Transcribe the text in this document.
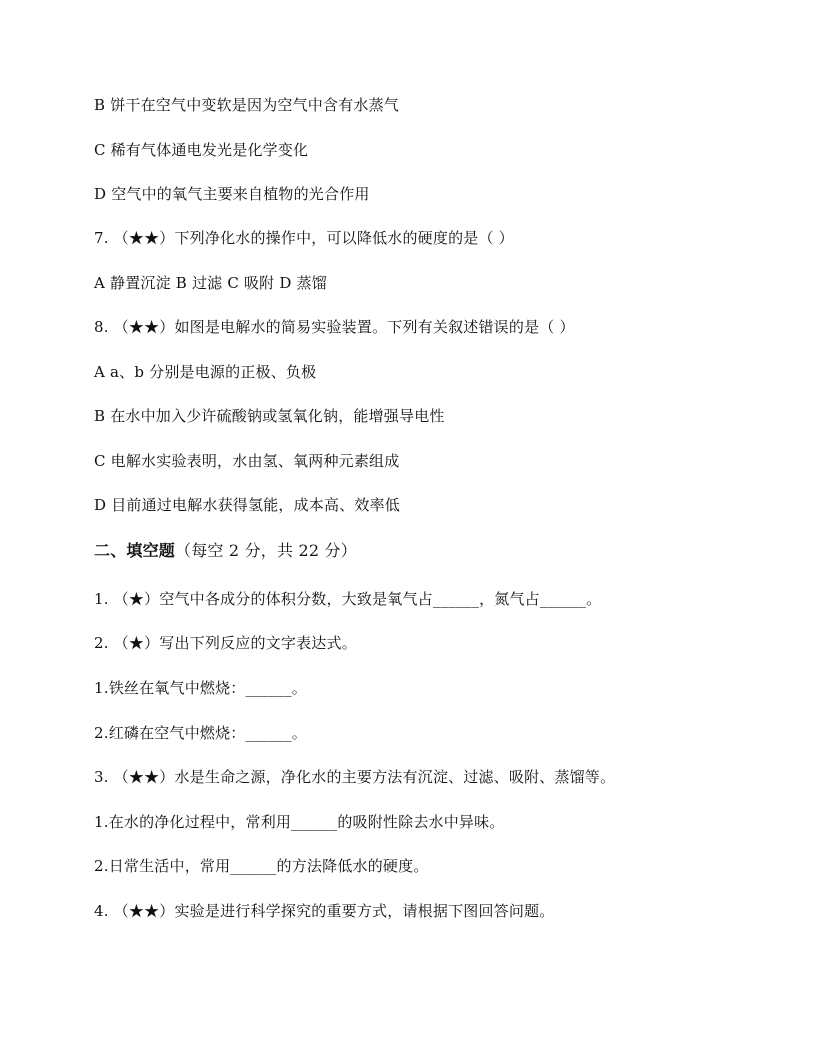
B 饼干在空气中变软是因为空气中含有水蒸气
C 稀有气体通电发光是化学变化
D 空气中的氧气主要来自植物的光合作用
7. （★★）下列净化水的操作中，可以降低水的硬度的是（ ）
A 静置沉淀 B 过滤 C 吸附 D 蒸馏
8. （★★）如图是电解水的简易实验装置。下列有关叙述错误的是（ ）
A a、b 分别是电源的正极、负极
B 在水中加入少许硫酸钠或氢氧化钠，能增强导电性
C 电解水实验表明，水由氢、氧两种元素组成
D 目前通过电解水获得氢能，成本高、效率低
二、填空题（每空 2 分，共 22 分）
1. （★）空气中各成分的体积分数，大致是氧气占______，氮气占______。
2. （★）写出下列反应的文字表达式。
1.铁丝在氧气中燃烧：______。
2.红磷在空气中燃烧：______。
3. （★★）水是生命之源，净化水的主要方法有沉淀、过滤、吸附、蒸馏等。
1.在水的净化过程中，常利用______的吸附性除去水中异味。
2.日常生活中，常用______的方法降低水的硬度。
4. （★★）实验是进行科学探究的重要方式，请根据下图回答问题。
